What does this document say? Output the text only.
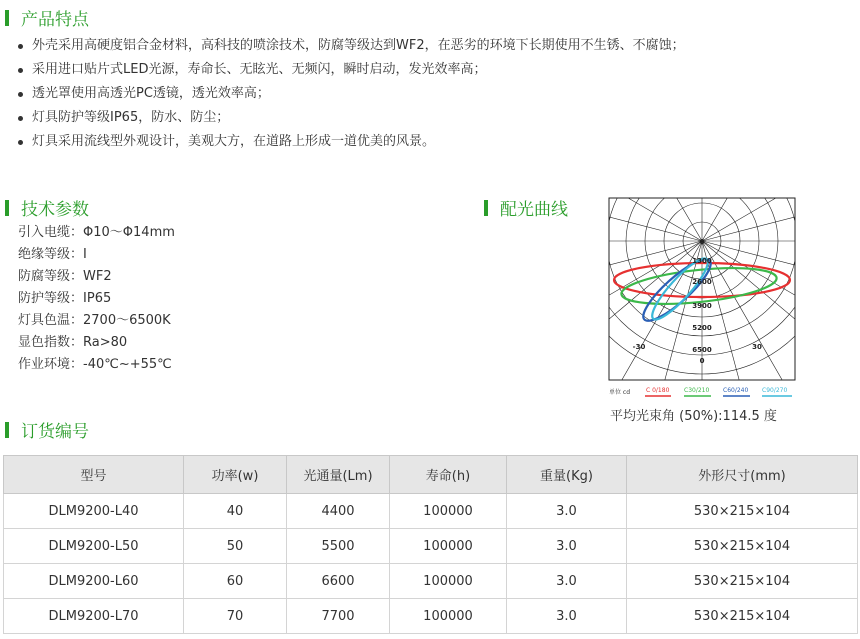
产品特点
外壳采用高硬度铝合金材料，高科技的喷涂技术，防腐等级达到WF2，在恶劣的环境下长期使用不生锈、不腐蚀；
采用进口贴片式LED光源，寿命长、无眩光、无频闪，瞬时启动，发光效率高；
透光罩使用高透光PC透镜，透光效率高；
灯具防护等级IP65，防水、防尘；
灯具采用流线型外观设计，美观大方，在道路上形成一道优美的风景。
技术参数
引入电缆：Φ10～Φ14mm
绝缘等级：I
防腐等级：WF2
防护等级：IP65
灯具色温：2700～6500K
显色指数：Ra>80
作业环境：-40℃~+55℃
配光曲线
0
1300
2600
3900
5200
6500
0
-30	30
单位 cd	C 0/180 C30/210 C60/240 C90/270
平均光束角 (50%):114.5 度
订货编号
型号	功率(w)	光通量(Lm)	寿命(h)	重量(Kg)	外形尺寸(mm)
DLM9200-L40	40	4400	100000	3.0	530×215×104
DLM9200-L50	50	5500	100000	3.0	530×215×104
DLM9200-L60	60	6600	100000	3.0	530×215×104
DLM9200-L70	70	7700	100000	3.0	530×215×104
